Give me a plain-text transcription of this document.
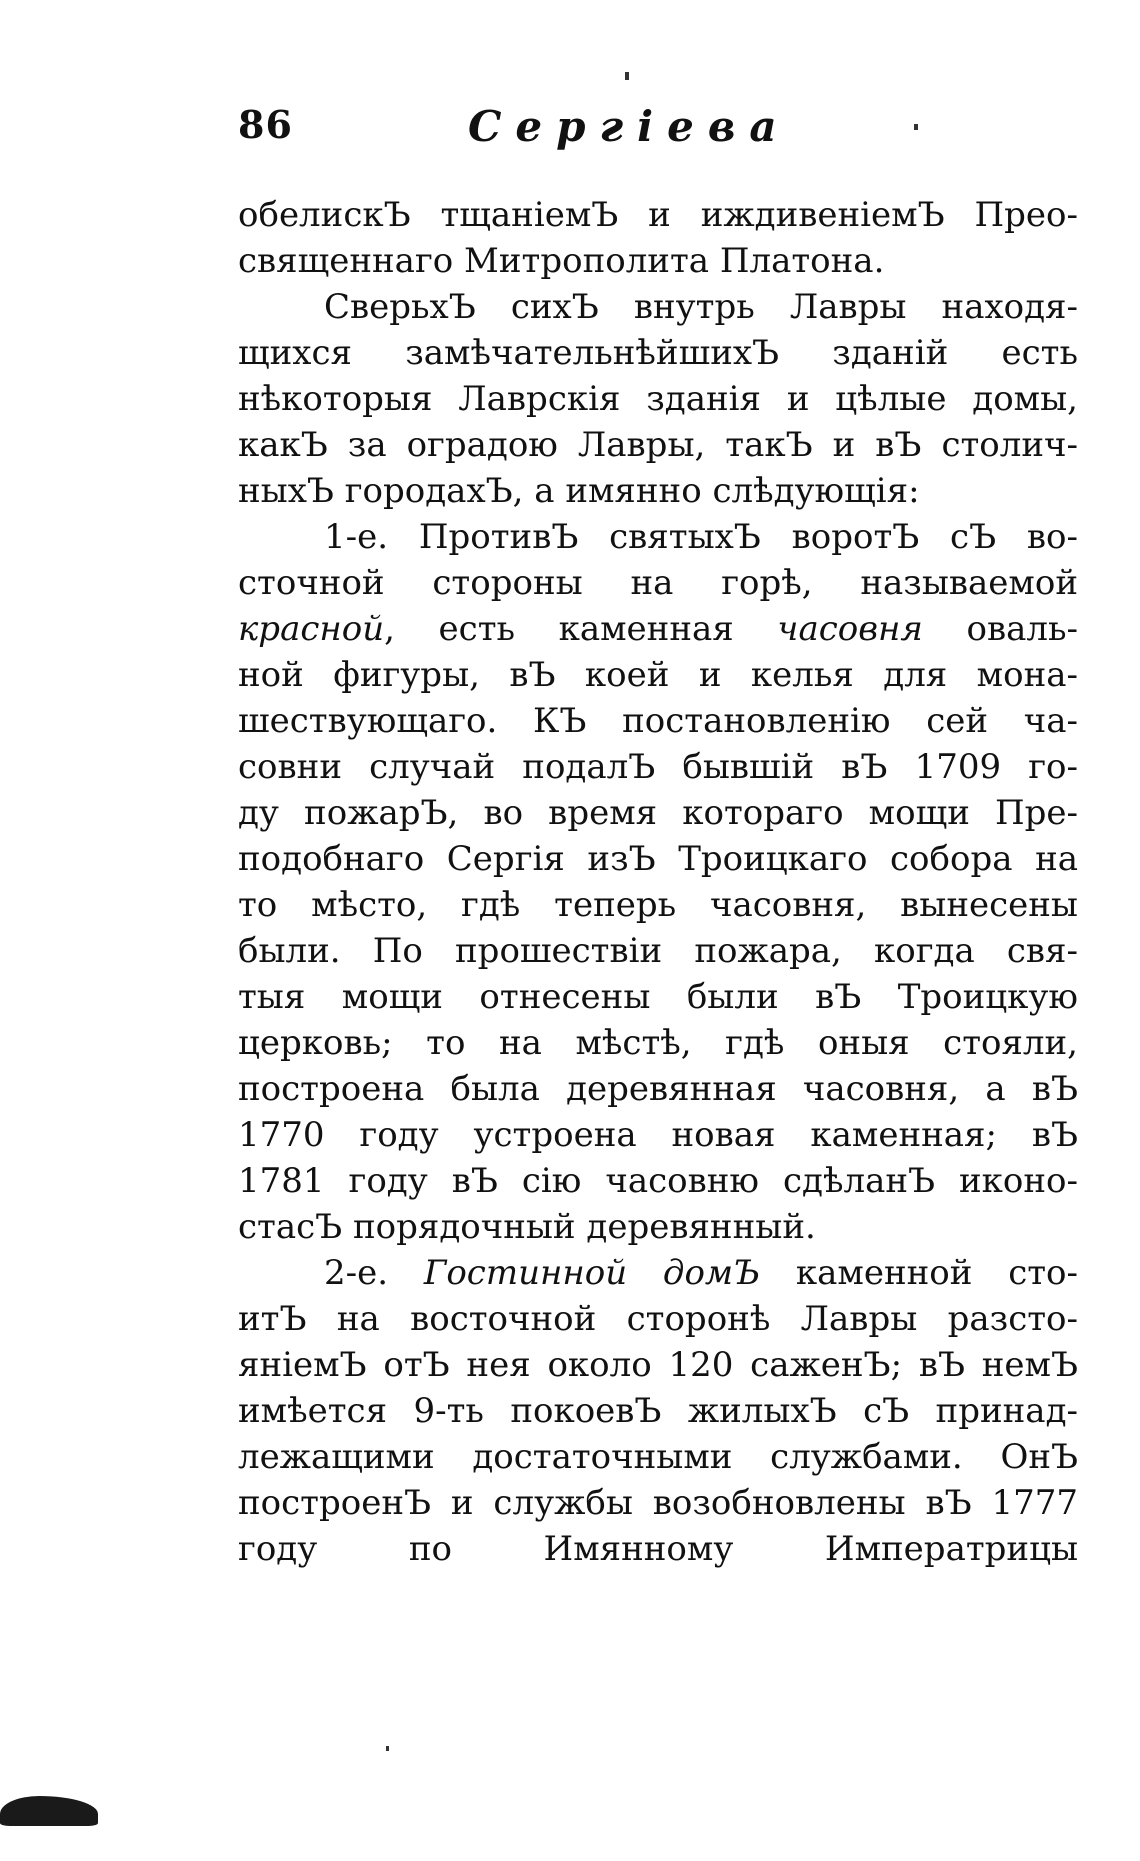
86	Сергiева
обелискЪ тщанiемЪ и иждивенiемЪ Прео-
священнаго Митрополита Платона.
СверьхЪ сихЪ внутрь Лавры находя-
щихся замѣчательнѣйшихЪ зданiй есть
нѣкоторыя Лаврскiя зданiя и цѣлые домы,
какЪ за оградою Лавры, такЪ и вЪ столич-
ныхЪ городахЪ, а имянно слѣдующiя:
1-е. ПротивЪ святыхЪ воротЪ сЪ во-
сточной стороны на горѣ, называемой
красной, есть каменная часовня оваль-
ной фигуры, вЪ коей и келья для мона-
шествующаго. КЪ постановленiю сей ча-
совни случай подалЪ бывшiй вЪ 1709 го-
ду пожарЪ, во время котораго мощи Пре-
подобнаго Сергiя изЪ Троицкаго собора на
то мѣсто, гдѣ теперь часовня, вынесены
были. По прошествiи пожара, когда свя-
тыя мощи отнесены были вЪ Троицкую
церковь; то на мѣстѣ, гдѣ оныя стояли,
построена была деревянная часовня, а вЪ
1770 году устроена новая каменная; вЪ
1781 году вЪ сiю часовню сдѣланЪ иконо-
стасЪ порядочный деревянный.
2-е. Гостинной домЪ каменной сто-
итЪ на восточной сторонѣ Лавры разсто-
янiемЪ отЪ нея около 120 саженЪ; вЪ немЪ
имѣется 9-ть покоевЪ жилыхЪ сЪ принад-
лежащими достаточными службами. ОнЪ
построенЪ и службы возобновлены вЪ 1777
году по Имянному Императрицы
